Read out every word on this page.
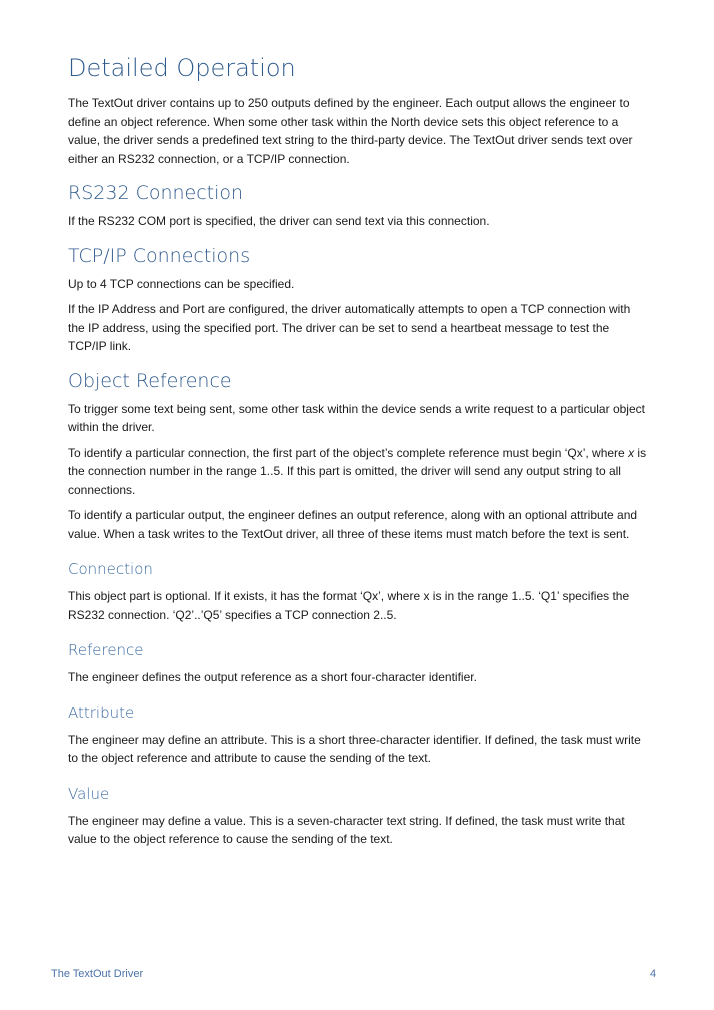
Detailed Operation

The TextOut driver contains up to 250 outputs defined by the engineer. Each output allows the engineer to define an object reference. When some other task within the North device sets this object reference to a value, the driver sends a predefined text string to the third-party device. The TextOut driver sends text over either an RS232 connection, or a TCP/IP connection.

RS232 Connection

If the RS232 COM port is specified, the driver can send text via this connection.

TCP/IP Connections

Up to 4 TCP connections can be specified.

If the IP Address and Port are configured, the driver automatically attempts to open a TCP connection with the IP address, using the specified port. The driver can be set to send a heartbeat message to test the TCP/IP link.

Object Reference

To trigger some text being sent, some other task within the device sends a write request to a particular object within the driver.

To identify a particular connection, the first part of the object’s complete reference must begin ‘Qx’, where x is the connection number in the range 1..5. If this part is omitted, the driver will send any output string to all connections.

To identify a particular output, the engineer defines an output reference, along with an optional attribute and value. When a task writes to the TextOut driver, all three of these items must match before the text is sent.

Connection

This object part is optional. If it exists, it has the format ‘Qx’, where x is in the range 1..5. ‘Q1’ specifies the RS232 connection. ‘Q2’..’Q5’ specifies a TCP connection 2..5.

Reference

The engineer defines the output reference as a short four-character identifier.

Attribute

The engineer may define an attribute. This is a short three-character identifier. If defined, the task must write to the object reference and attribute to cause the sending of the text.

Value

The engineer may define a value. This is a seven-character text string. If defined, the task must write that value to the object reference to cause the sending of the text.

The TextOut Driver	4
